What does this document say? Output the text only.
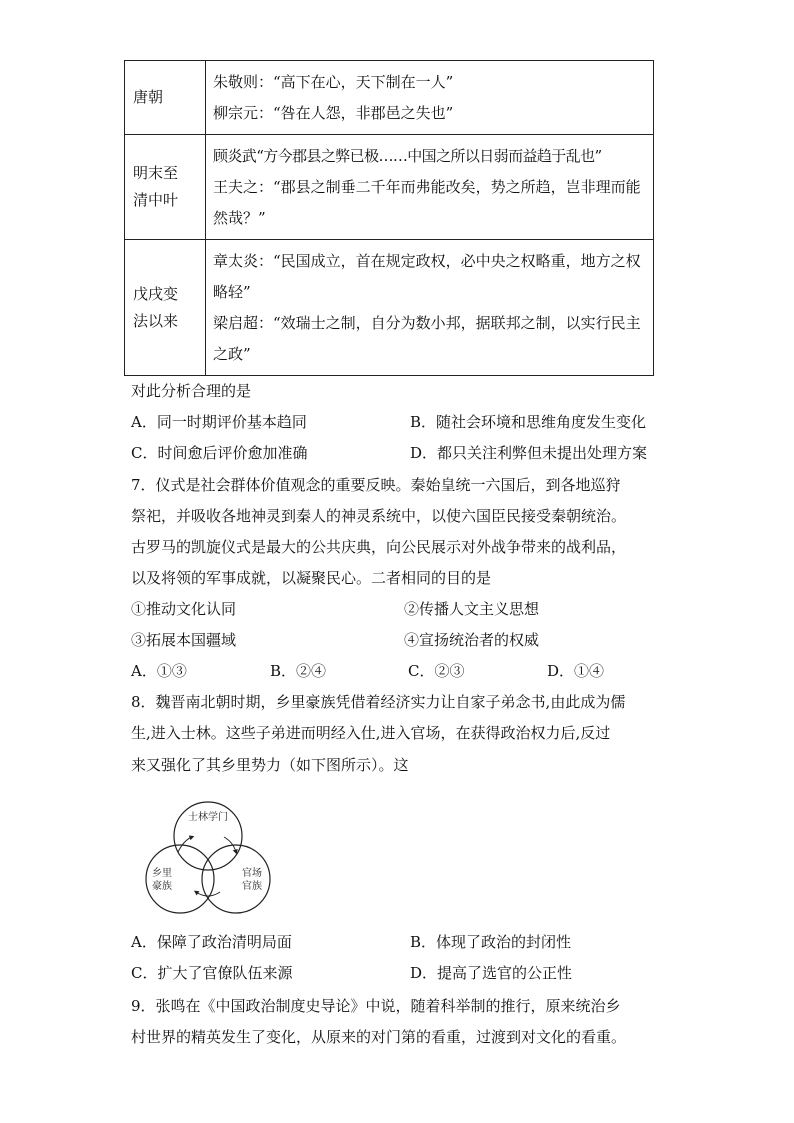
唐朝	朱敬则：“高下在心，天下制在一人”
柳宗元：“咎在人怨，非郡邑之失也”

明末至
清中叶	顾炎武“方今郡县之弊已极……中国之所以日弱而益趋于乱也”
王夫之：“郡县之制垂二千年而弗能改矣，势之所趋，岂非理而能然哉？”

戊戌变
法以来	章太炎：“民国成立，首在规定政权，必中央之权略重，地方之权略轻”
梁启超：“效瑞士之制，自分为数小邦，据联邦之制，以实行民主之政”
对此分析合理的是
A．同一时期评价基本趋同	B．随社会环境和思维角度发生变化
C．时间愈后评价愈加准确	D．都只关注利弊但未提出处理方案
7．仪式是社会群体价值观念的重要反映。秦始皇统一六国后，到各地巡狩
祭祀，并吸收各地神灵到秦人的神灵系统中，以使六国臣民接受秦朝统治。
古罗马的凯旋仪式是最大的公共庆典，向公民展示对外战争带来的战利品，
以及将领的军事成就，以凝聚民心。二者相同的目的是
①推动文化认同	②传播人文主义思想
③拓展本国疆域	④宣扬统治者的权威
A．①③	B．②④	C．②③	D．①④
8．魏晋南北朝时期，乡里豪族凭借着经济实力让自家子弟念书,由此成为儒
生,进入士林。这些子弟进而明经入仕,进入官场，在获得政治权力后,反过
来又强化了其乡里势力（如下图所示）。这
士林学门
乡里
豪族
官场
官族
A．保障了政治清明局面	B．体现了政治的封闭性
C．扩大了官僚队伍来源	D．提高了选官的公正性
9．张鸣在《中国政治制度史导论》中说，随着科举制的推行，原来统治乡
村世界的精英发生了变化，从原来的对门第的看重，过渡到对文化的看重。
